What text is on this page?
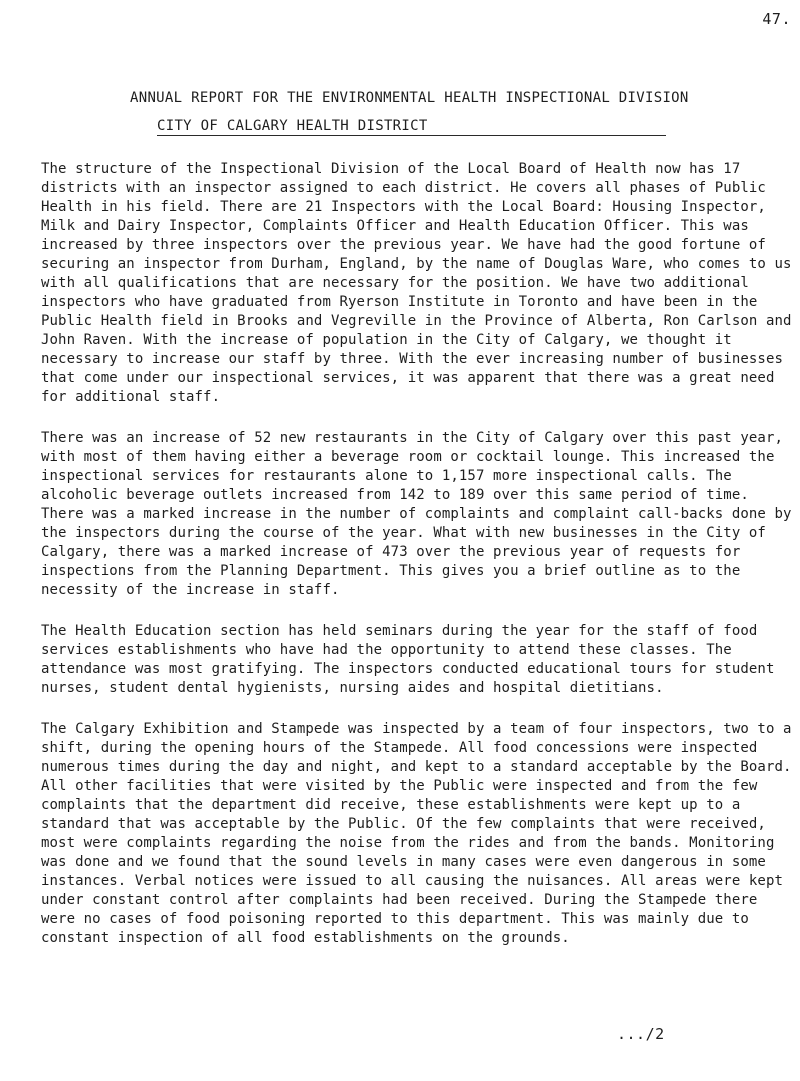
47.
ANNUAL REPORT FOR THE ENVIRONMENTAL HEALTH INSPECTIONAL DIVISION
CITY OF CALGARY HEALTH DISTRICT

The structure of the Inspectional Division of the Local Board of Health now has 17 districts with an inspector assigned to each district. He covers all phases of Public Health in his field. There are 21 Inspectors with the Local Board: Housing Inspector, Milk and Dairy Inspector, Complaints Officer and Health Education Officer. This was increased by three inspectors over the previous year. We have had the good fortune of securing an inspector from Durham, England, by the name of Douglas Ware, who comes to us with all qualifications that are necessary for the position. We have two additional inspectors who have graduated from Ryerson Institute in Toronto and have been in the Public Health field in Brooks and Vegreville in the Province of Alberta, Ron Carlson and John Raven. With the increase of population in the City of Calgary, we thought it necessary to increase our staff by three. With the ever increasing number of businesses that come under our inspectional services, it was apparent that there was a great need for additional staff.

There was an increase of 52 new restaurants in the City of Calgary over this past year, with most of them having either a beverage room or cocktail lounge. This increased the inspectional services for restaurants alone to 1,157 more inspectional calls. The alcoholic beverage outlets increased from 142 to 189 over this same period of time. There was a marked increase in the number of complaints and complaint call-backs done by the inspectors during the course of the year. What with new businesses in the City of Calgary, there was a marked increase of 473 over the previous year of requests for inspections from the Planning Department. This gives you a brief outline as to the necessity of the increase in staff.

The Health Education section has held seminars during the year for the staff of food services establishments who have had the opportunity to attend these classes. The attendance was most gratifying. The inspectors conducted educational tours for student nurses, student dental hygienists, nursing aides and hospital dietitians.

The Calgary Exhibition and Stampede was inspected by a team of four inspectors, two to a shift, during the opening hours of the Stampede. All food concessions were inspected numerous times during the day and night, and kept to a standard acceptable by the Board. All other facilities that were visited by the Public were inspected and from the few complaints that the department did receive, these establishments were kept up to a standard that was acceptable by the Public. Of the few complaints that were received, most were complaints regarding the noise from the rides and from the bands. Monitoring was done and we found that the sound levels in many cases were even dangerous in some instances. Verbal notices were issued to all causing the nuisances. All areas were kept under constant control after complaints had been received. During the Stampede there were no cases of food poisoning reported to this department. This was mainly due to constant inspection of all food establishments on the grounds.

.../2
